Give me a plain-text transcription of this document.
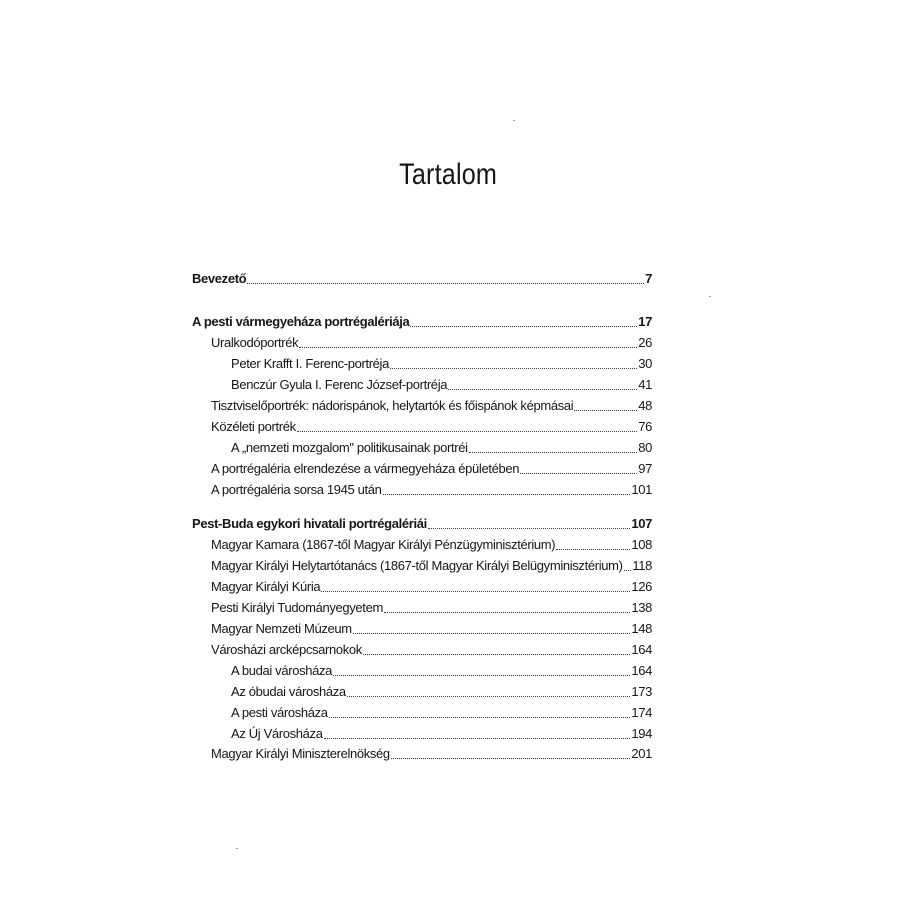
Tartalom
Bevezető	7
A pesti vármegyeháza portrégalériája	17
Uralkodóportrék	26
Peter Krafft I. Ferenc-portréja	30
Benczúr Gyula I. Ferenc József-portréja	41
Tisztviselőportrék: nádorispánok, helytartók és főispánok képmásai	48
Közéleti portrék	76
A „nemzeti mozgalom" politikusainak portréi	80
A portrégaléria elrendezése a vármegyeháza épületében	97
A portrégaléria sorsa 1945 után	101
Pest-Buda egykori hivatali portrégalériái	107
Magyar Kamara (1867-től Magyar Királyi Pénzügyminisztérium)	108
Magyar Királyi Helytartótanács (1867-től Magyar Királyi Belügyminisztérium) 118
Magyar Királyi Kúria	126
Pesti Királyi Tudományegyetem	138
Magyar Nemzeti Múzeum	148
Városházi arcképcsarnokok	164
A budai városháza	164
Az óbudai városháza	173
A pesti városháza	174
Az Új Városháza	194
Magyar Királyi Miniszterelnökség	201
